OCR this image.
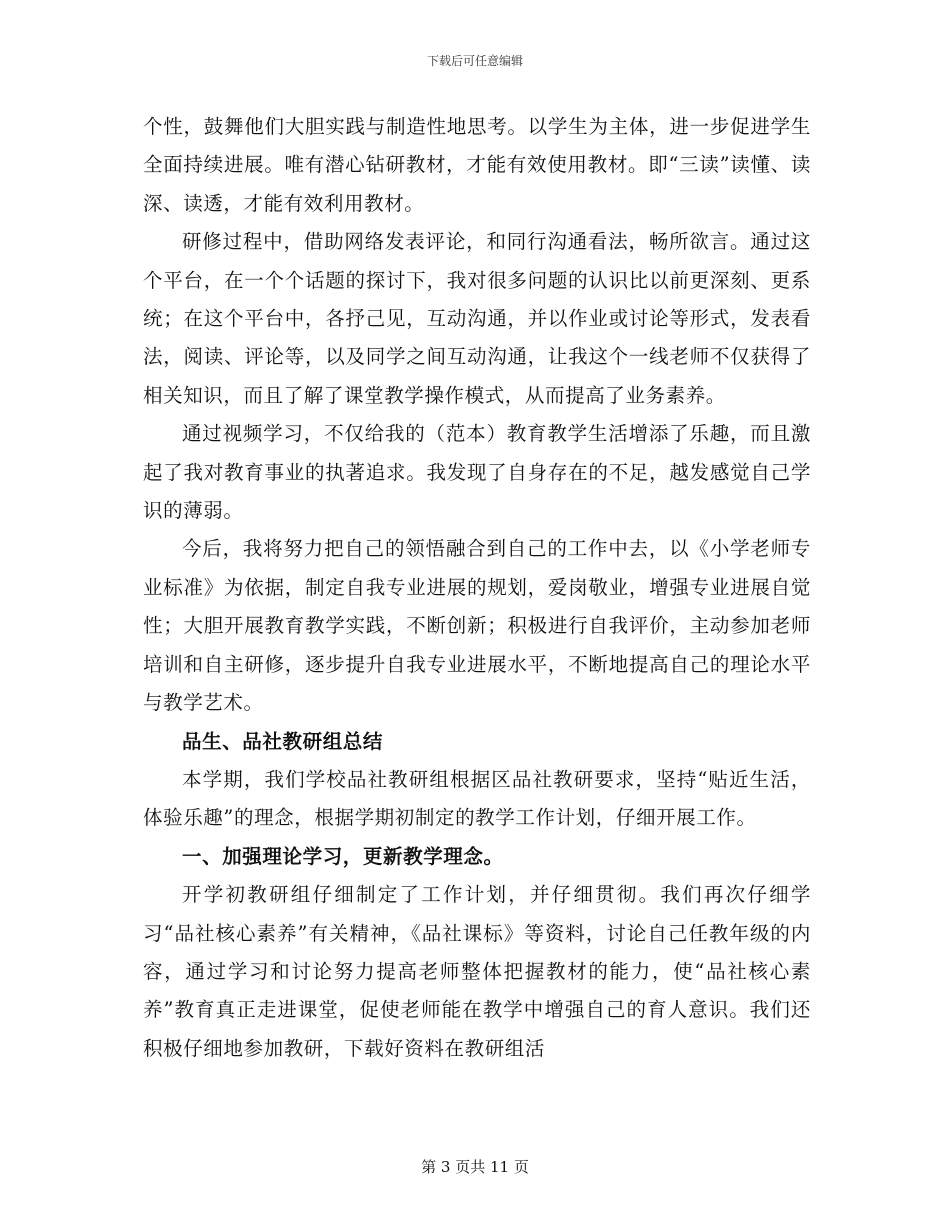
下载后可任意编辑

个性，鼓舞他们大胆实践与制造性地思考。以学生为主体，进一步促进学生全面持续进展。唯有潜心钻研教材，才能有效使用教材。即“三读”读懂、读深、读透，才能有效利用教材。

研修过程中，借助网络发表评论，和同行沟通看法，畅所欲言。通过这个平台，在一个个话题的探讨下，我对很多问题的认识比以前更深刻、更系统；在这个平台中，各抒己见，互动沟通，并以作业或讨论等形式，发表看法，阅读、评论等，以及同学之间互动沟通，让我这个一线老师不仅获得了相关知识，而且了解了课堂教学操作模式，从而提高了业务素养。

通过视频学习，不仅给我的（范本）教育教学生活增添了乐趣，而且激起了我对教育事业的执著追求。我发现了自身存在的不足，越发感觉自己学识的薄弱。

今后，我将努力把自己的领悟融合到自己的工作中去，以《小学老师专业标准》为依据，制定自我专业进展的规划，爱岗敬业，增强专业进展自觉性；大胆开展教育教学实践，不断创新；积极进行自我评价，主动参加老师培训和自主研修，逐步提升自我专业进展水平，不断地提高自己的理论水平与教学艺术。

品生、品社教研组总结

本学期，我们学校品社教研组根据区品社教研要求，坚持“贴近生活，体验乐趣”的理念，根据学期初制定的教学工作计划，仔细开展工作。

一、加强理论学习，更新教学理念。

开学初教研组仔细制定了工作计划，并仔细贯彻。我们再次仔细学习“品社核心素养”有关精神，《品社课标》等资料，讨论自己任教年级的内容，通过学习和讨论努力提高老师整体把握教材的能力，使“品社核心素养”教育真正走进课堂，促使老师能在教学中增强自己的育人意识。我们还积极仔细地参加教研，下载好资料在教研组活

第 3 页共 11 页
